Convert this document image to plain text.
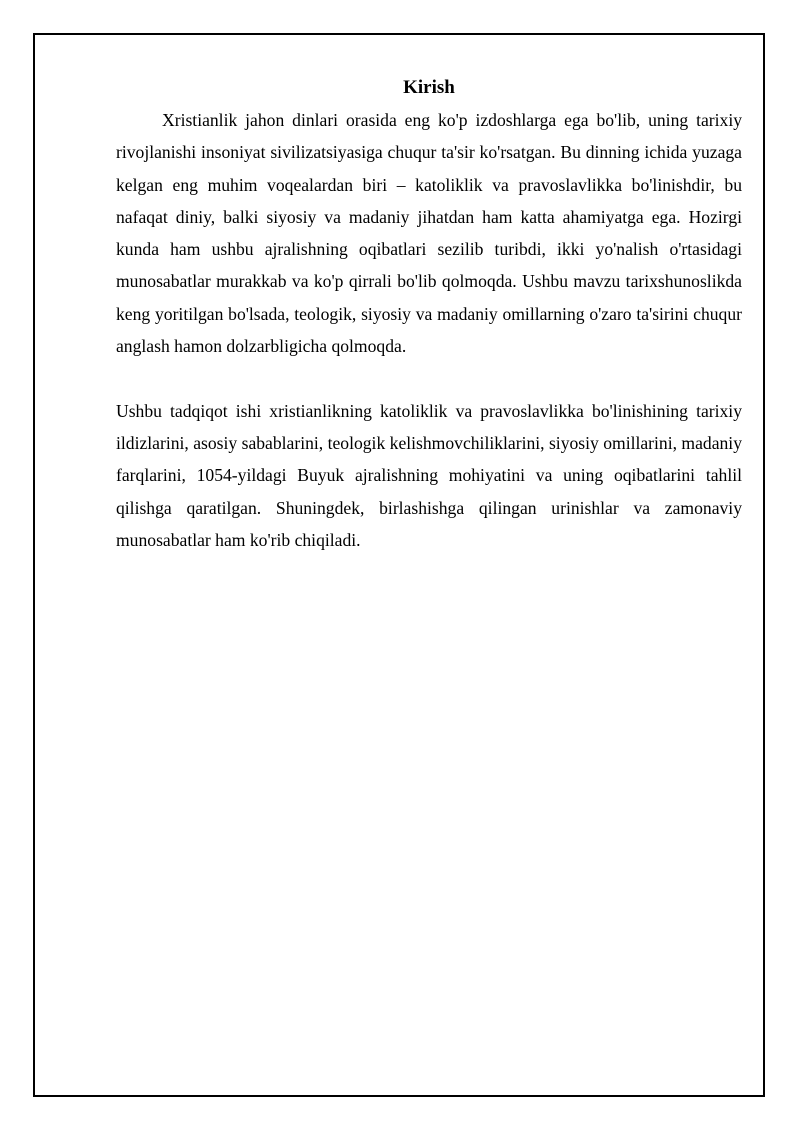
Kirish

Xristianlik jahon dinlari orasida eng ko'p izdoshlarga ega bo'lib, uning tarixiy rivojlanishi insoniyat sivilizatsiyasiga chuqur ta'sir ko'rsatgan. Bu dinning ichida yuzaga kelgan eng muhim voqealardan biri – katoliklik va pravoslavlikka bo'linishdir, bu nafaqat diniy, balki siyosiy va madaniy jihatdan ham katta ahamiyatga ega. Hozirgi kunda ham ushbu ajralishning oqibatlari sezilib turibdi, ikki yo'nalish o'rtasidagi munosabatlar murakkab va ko'p qirrali bo'lib qolmoqda. Ushbu mavzu tarixshunoslikda keng yoritilgan bo'lsada, teologik, siyosiy va madaniy omillarning o'zaro ta'sirini chuqur anglash hamon dolzarbligicha qolmoqda.

Ushbu tadqiqot ishi xristianlikning katoliklik va pravoslavlikka bo'linishining tarixiy ildizlarini, asosiy sabablarini, teologik kelishmovchiliklarini, siyosiy omillarini, madaniy farqlarini, 1054-yildagi Buyuk ajralishning mohiyatini va uning oqibatlarini tahlil qilishga qaratilgan. Shuningdek, birlashishga qilingan urinishlar va zamonaviy munosabatlar ham ko'rib chiqiladi.
